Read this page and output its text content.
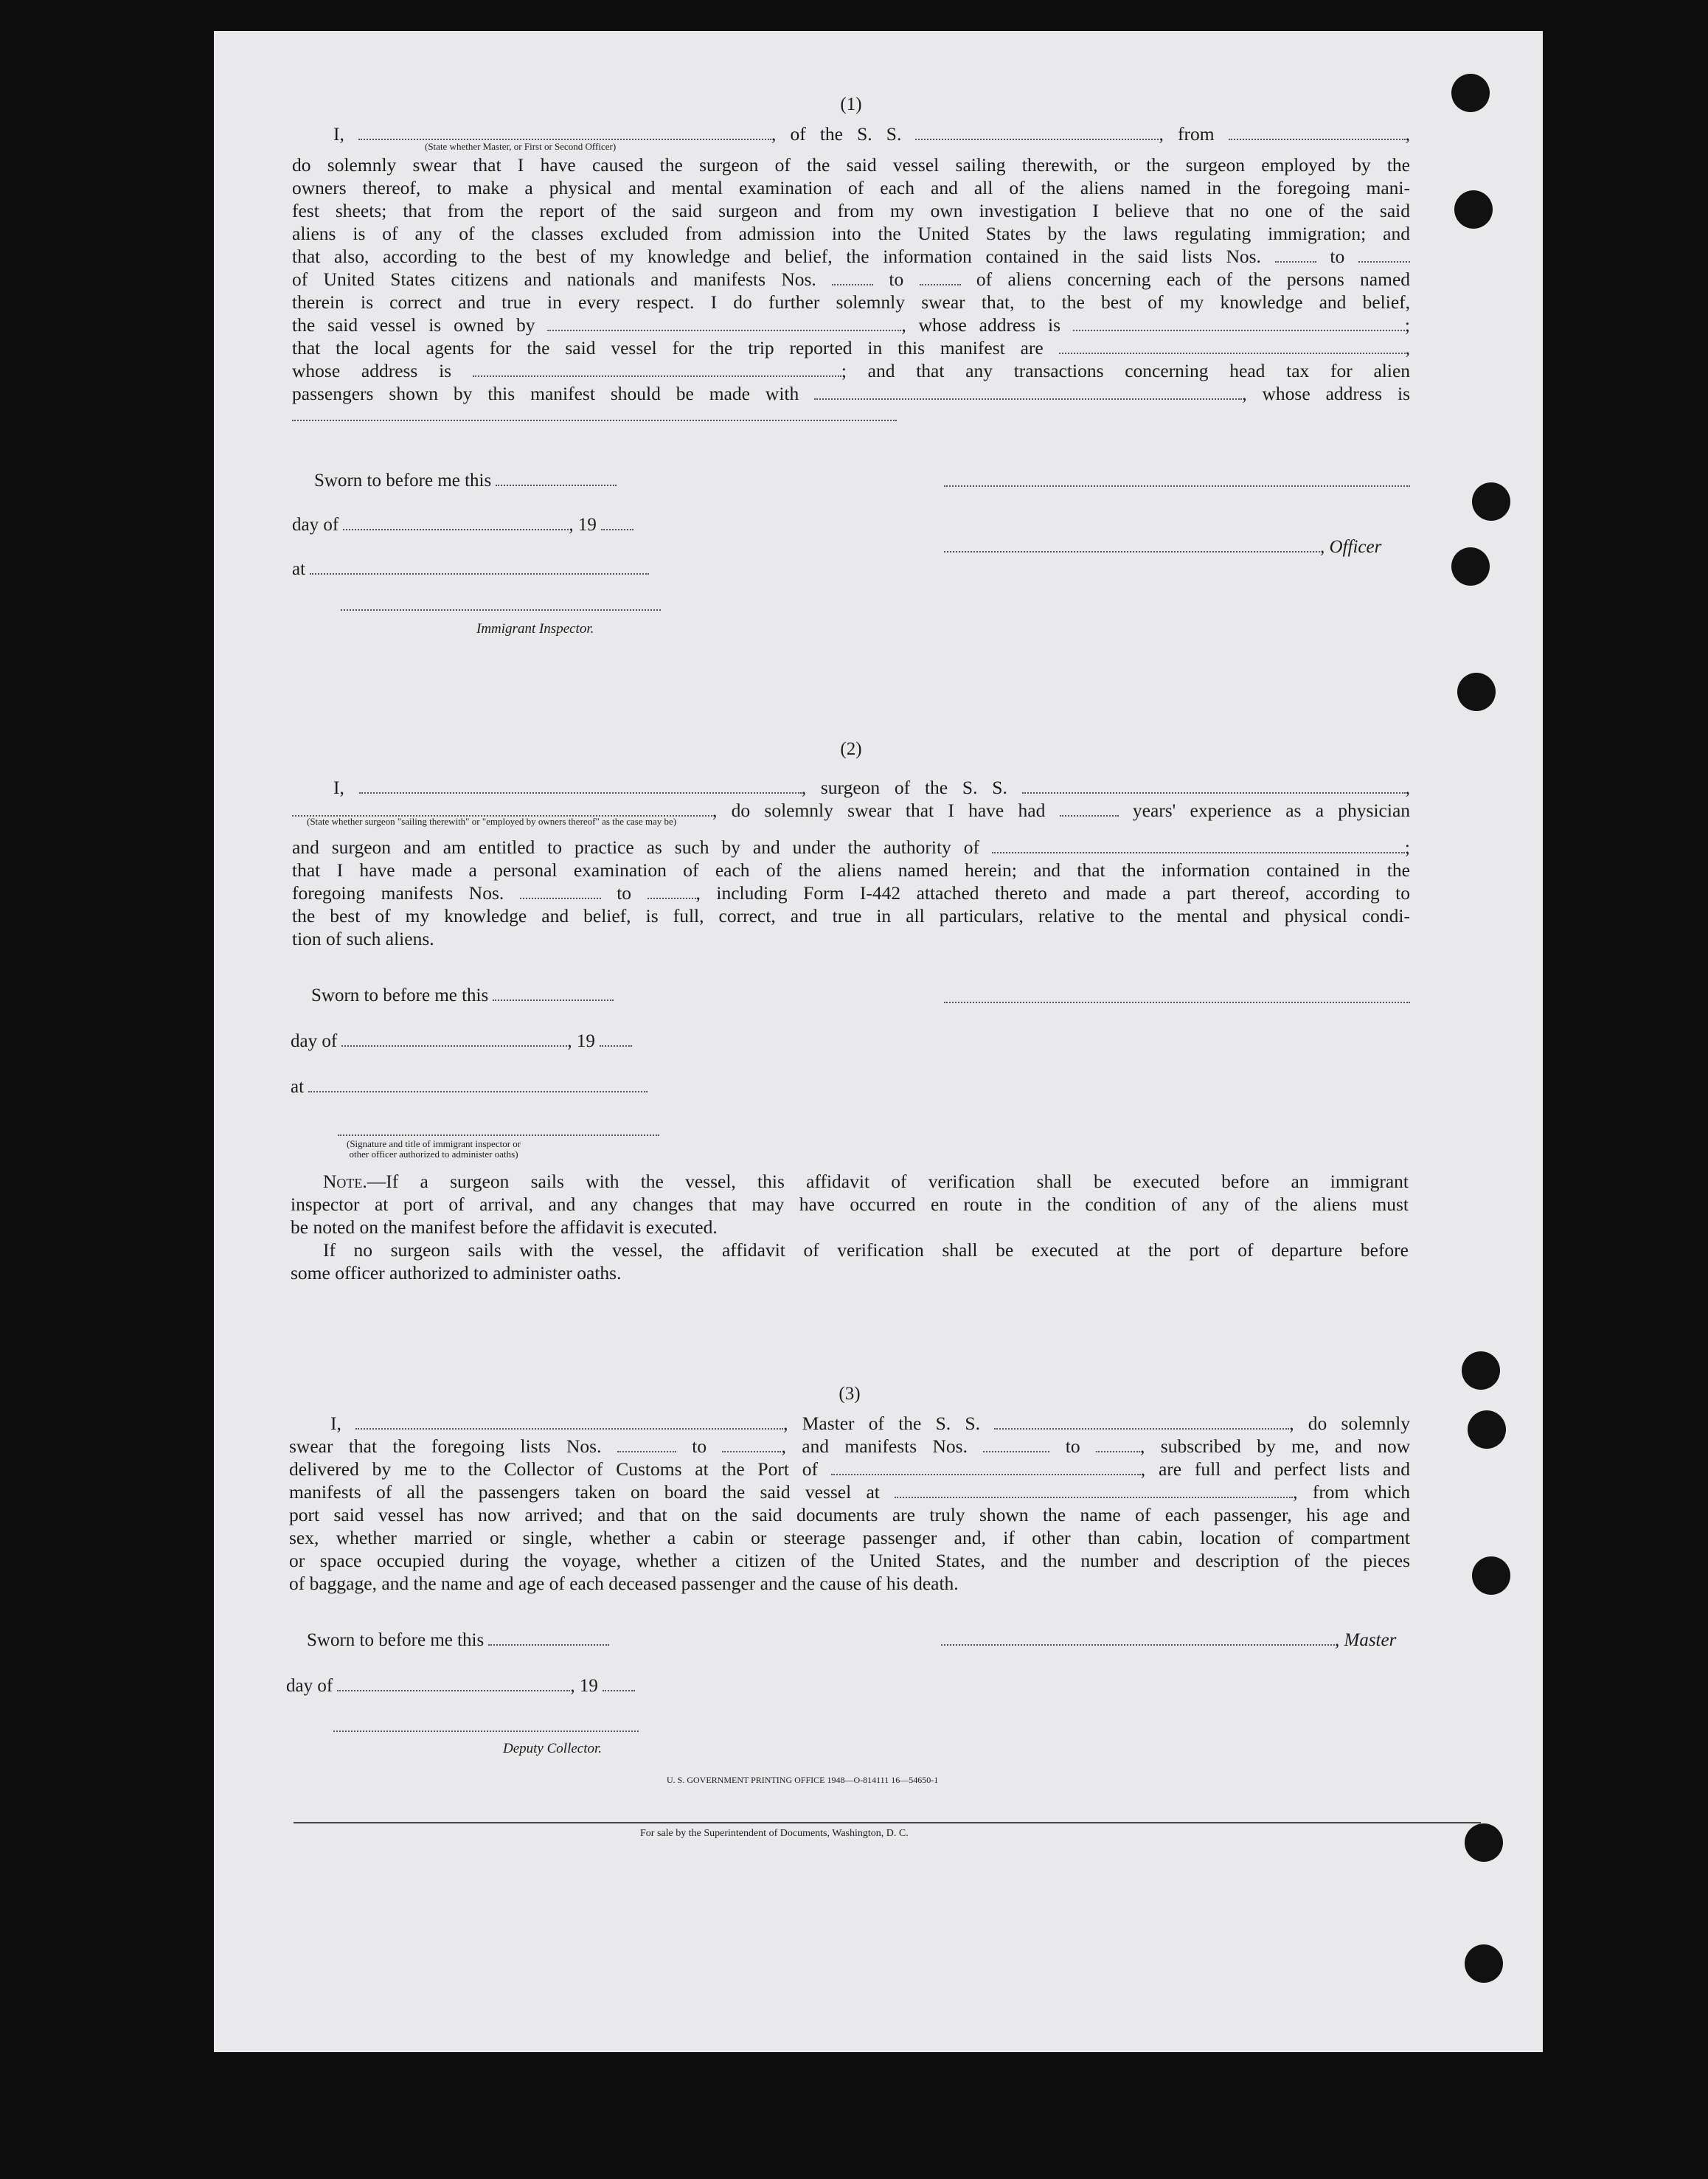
(1)
I,	, of the S. S.	, from	,
(State whether Master, or First or Second Officer)
do solemnly swear that I have caused the surgeon of the said vessel sailing therewith, or the surgeon employed by the
owners thereof, to make a physical and mental examination of each and all of the aliens named in the foregoing mani-
fest sheets; that from the report of the said surgeon and from my own investigation I believe that no one of the said
aliens is of any of the classes excluded from admission into the United States by the laws regulating immigration; and
that also, according to the best of my knowledge and belief, the information contained in the said lists Nos.	to
of United States citizens and nationals and manifests Nos.	to	of aliens concerning each of the persons named
therein is correct and true in every respect. I do further solemnly swear that, to the best of my knowledge and belief,
the said vessel is owned by	, whose address is	;
that the local agents for the said vessel for the trip reported in this manifest are	,
whose address is	; and that any transactions concerning head tax for alien
passengers shown by this manifest should be made with	, whose address is
Sworn to before me this
day of	, 19
, Officer
at
Immigrant Inspector.
(2)
I,	, surgeon of the S. S.	,
, do solemnly swear that I have had	years' experience as a physician
(State whether surgeon "sailing therewith" or "employed by owners thereof" as the case may be)
and surgeon and am entitled to practice as such by and under the authority of	;
that I have made a personal examination of each of the aliens named herein; and that the information contained in the
foregoing manifests Nos.	to	, including Form I-442 attached thereto and made a part thereof, according to
the best of my knowledge and belief, is full, correct, and true in all particulars, relative to the mental and physical condi-
tion of such aliens.
Sworn to before me this
day of	, 19
at
(Signature and title of immigrant inspector or
other officer authorized to administer oaths)
Note.—If a surgeon sails with the vessel, this affidavit of verification shall be executed before an immigrant
inspector at port of arrival, and any changes that may have occurred en route in the condition of any of the aliens must
be noted on the manifest before the affidavit is executed.
If no surgeon sails with the vessel, the affidavit of verification shall be executed at the port of departure before
some officer authorized to administer oaths.
(3)
I,	, Master of the S. S.	, do solemnly
swear that the foregoing lists Nos.	to	, and manifests Nos.	to	, subscribed by me, and now
delivered by me to the Collector of Customs at the Port of	, are full and perfect lists and
manifests of all the passengers taken on board the said vessel at	, from which
port said vessel has now arrived; and that on the said documents are truly shown the name of each passenger, his age and
sex, whether married or single, whether a cabin or steerage passenger and, if other than cabin, location of compartment
or space occupied during the voyage, whether a citizen of the United States, and the number and description of the pieces
of baggage, and the name and age of each deceased passenger and the cause of his death.
Sworn to before me this	, Master
day of	, 19
Deputy Collector.
U. S. GOVERNMENT PRINTING OFFICE 1948—O-814111 16—54650-1
For sale by the Superintendent of Documents, Washington, D. C.
